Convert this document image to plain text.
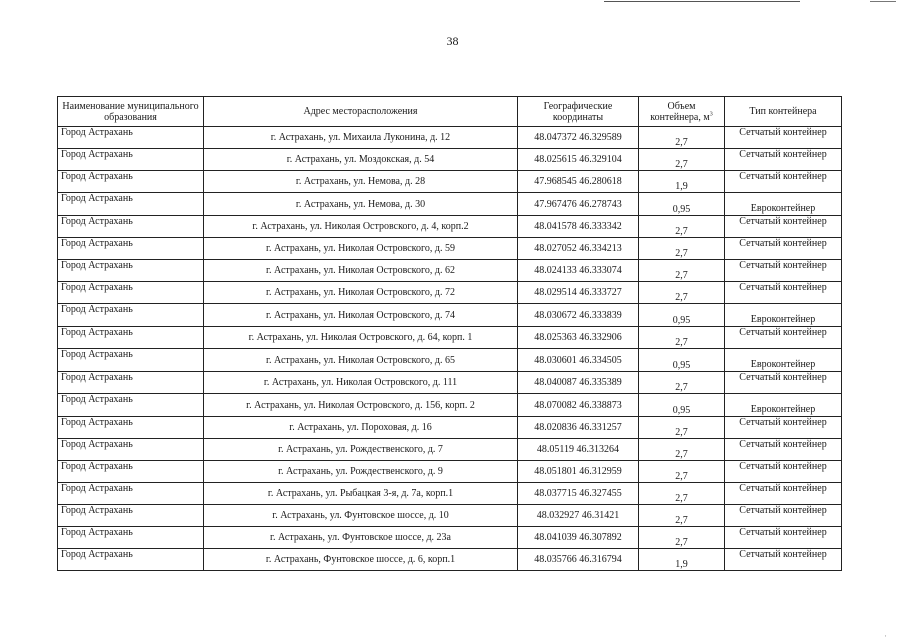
38
Наименование муниципального образования	Адрес месторасположения	Географические координаты	Объем контейнера, $м^3$	Тип контейнера
Город Астрахань	г. Астрахань, ул. Михаила Луконина, д. 12	48.047372 46.329589	2,7	Сетчатый контейнер
Город Астрахань	г. Астрахань, ул. Моздокская, д. 54	48.025615 46.329104	2,7	Сетчатый контейнер
Город Астрахань	г. Астрахань, ул. Немова, д. 28	47.968545 46.280618	1,9	Сетчатый контейнер
Город Астрахань	г. Астрахань, ул. Немова, д. 30	47.967476 46.278743	0,95	Евроконтейнер
Город Астрахань	г. Астрахань, ул. Николая Островского, д. 4, корп.2	48.041578 46.333342	2,7	Сетчатый контейнер
Город Астрахань	г. Астрахань, ул. Николая Островского, д. 59	48.027052 46.334213	2,7	Сетчатый контейнер
Город Астрахань	г. Астрахань, ул. Николая Островского, д. 62	48.024133 46.333074	2,7	Сетчатый контейнер
Город Астрахань	г. Астрахань, ул. Николая Островского, д. 72	48.029514 46.333727	2,7	Сетчатый контейнер
Город Астрахань	г. Астрахань, ул. Николая Островского, д. 74	48.030672 46.333839	0,95	Евроконтейнер
Город Астрахань	г. Астрахань, ул. Николая Островского, д. 64, корп. 1	48.025363 46.332906	2,7	Сетчатый контейнер
Город Астрахань	г. Астрахань, ул. Николая Островского, д. 65	48.030601 46.334505	0,95	Евроконтейнер
Город Астрахань	г. Астрахань, ул. Николая Островского, д. 111	48.040087 46.335389	2,7	Сетчатый контейнер
Город Астрахань	г. Астрахань, ул. Николая Островского, д. 156, корп. 2	48.070082 46.338873	0,95	Евроконтейнер
Город Астрахань	г. Астрахань, ул. Пороховая, д. 16	48.020836 46.331257	2,7	Сетчатый контейнер
Город Астрахань	г. Астрахань, ул. Рождественского, д. 7	48.05119 46.313264	2,7	Сетчатый контейнер
Город Астрахань	г. Астрахань, ул. Рождественского, д. 9	48.051801 46.312959	2,7	Сетчатый контейнер
Город Астрахань	г. Астрахань, ул. Рыбацкая 3-я, д. 7а, корп.1	48.037715 46.327455	2,7	Сетчатый контейнер
Город Астрахань	г. Астрахань, ул. Фунтовское шоссе, д. 10	48.032927 46.31421	2,7	Сетчатый контейнер
Город Астрахань	г. Астрахань, ул. Фунтовское шоссе, д. 23а	48.041039 46.307892	2,7	Сетчатый контейнер
Город Астрахань	г. Астрахань, Фунтовское шоссе, д. 6, корп.1	48.035766 46.316794	1,9	Сетчатый контейнер
·
